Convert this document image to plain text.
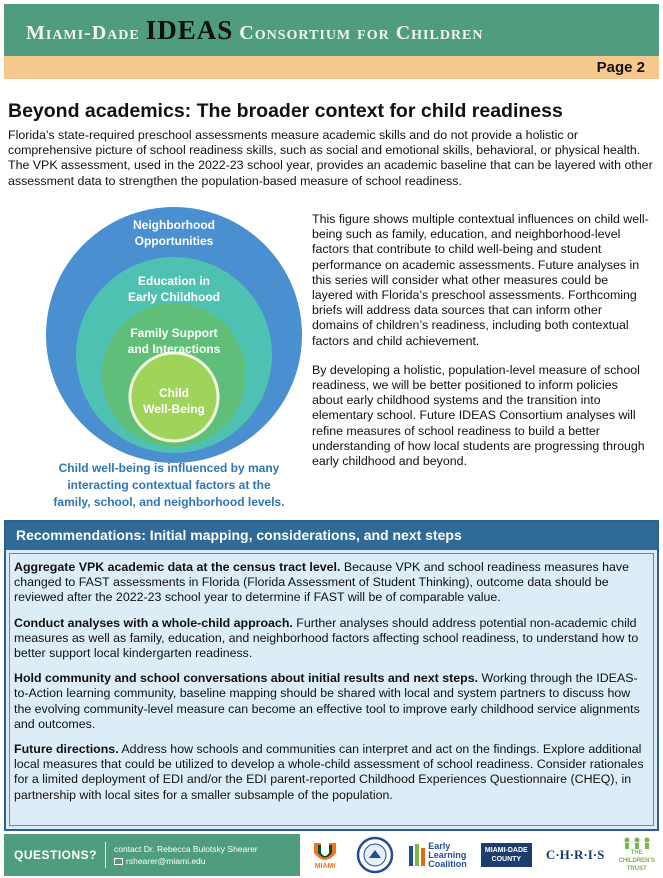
Miami-Dade IDEAS Consortium for Children
Page 2
Beyond academics: The broader context for child readiness
Florida’s state-required preschool assessments measure academic skills and do not provide a holistic or comprehensive picture of school readiness skills, such as social and emotional skills, behavioral, or physical health. The VPK assessment, used in the 2022-23 school year, provides an academic baseline that can be layered with other assessment data to strengthen the population-based measure of school readiness.
Neighborhood
Opportunities
Education in
Early Childhood
Family Support
and Interactions
Child
Well-Being
Child well-being is influenced by many
interacting contextual factors at the
family, school, and neighborhood levels.

This figure shows multiple contextual influences on child well-being such as family, education, and neighborhood-level factors that contribute to child well-being and student performance on academic assessments. Future analyses in this series will consider what other measures could be layered with Florida’s preschool assessments. Forthcoming briefs will address data sources that can inform other domains of children’s readiness, including both contextual factors and child achievement.

By developing a holistic, population-level measure of school readiness, we will be better positioned to inform policies about early childhood systems and the transition into elementary school. Future IDEAS Consortium analyses will refine measures of school readiness to build a better understanding of how local students are progressing through early childhood and beyond.

Recommendations: Initial mapping, considerations, and next steps
Aggregate VPK academic data at the census tract level. Because VPK and school readiness measures have changed to FAST assessments in Florida (Florida Assessment of Student Thinking), outcome data should be reviewed after the 2022-23 school year to determine if FAST will be of comparable value.
Conduct analyses with a whole-child approach. Further analyses should address potential non-academic child measures as well as family, education, and neighborhood factors affecting school readiness, to understand how to better support local kindergarten readiness.
Hold community and school conversations about initial results and next steps. Working through the IDEAS-to-Action learning community, baseline mapping should be shared with local and system partners to discuss how the evolving community-level measure can become an effective tool to improve early childhood service alignments and outcomes.
Future directions. Address how schools and communities can interpret and act on the findings. Explore additional local measures that could be utilized to develop a whole-child assessment of school readiness. Consider rationales for a limited deployment of EDI and/or the EDI parent-reported Childhood Experiences Questionnaire (CHEQ), in partnership with local sites for a smaller subsample of the population.
QUESTIONS?	contact Dr. Rebecca Bulotsky Shearer
rshearer@miami.edu	MIAMI
Early
Learning
Coalition
MIAMI-DADE
COUNTY C·H·R·I·S	THE
CHILDREN'S
TRUST
